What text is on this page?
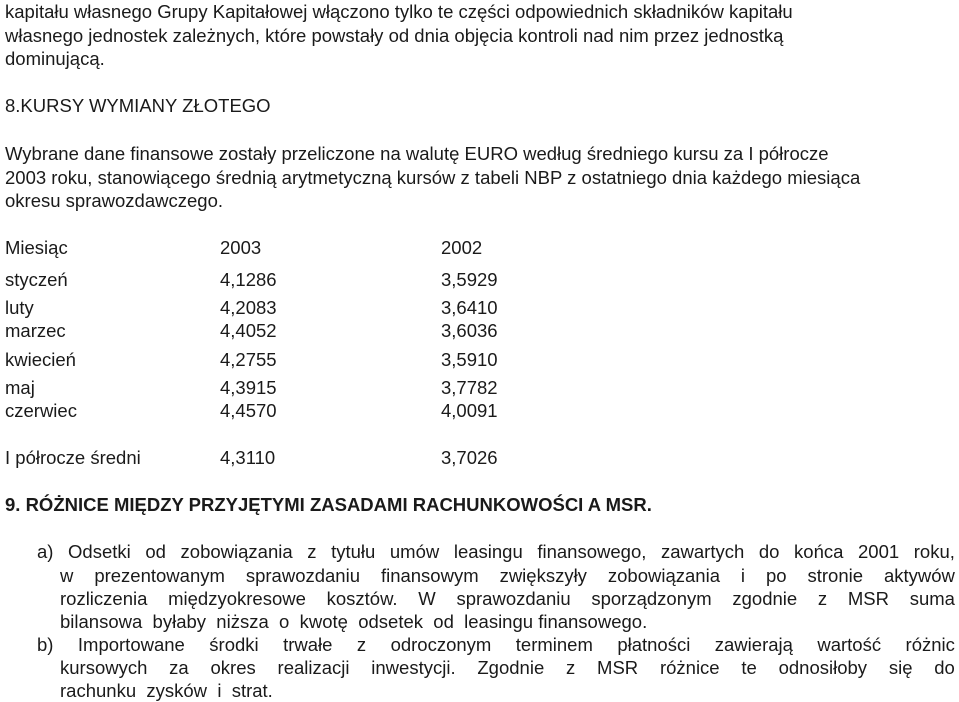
kapitału własnego Grupy Kapitałowej włączono tylko te części odpowiednich składników kapitału
własnego jednostek zależnych, które powstały od dnia objęcia kontroli nad nim przez jednostką
dominującą.
8.KURSY WYMIANY ZŁOTEGO
Wybrane dane finansowe zostały przeliczone na walutę EURO według średniego kursu za I półrocze
2003 roku, stanowiącego średnią arytmetyczną kursów z tabeli NBP z ostatniego dnia każdego miesiąca
okresu sprawozdawczego.
Miesiąc	2003	2002
styczeń	4,1286	3,5929
luty	4,2083	3,6410
marzec	4,4052	3,6036
kwiecień	4,2755	3,5910
maj	4,3915	3,7782
czerwiec	4,4570	4,0091
I półrocze średni	4,3110	3,7026
9. RÓŻNICE MIĘDZY PRZYJĘTYMI ZASADAMI RACHUNKOWOŚCI A MSR.
a) Odsetki od zobowiązania z tytułu umów leasingu finansowego, zawartych do końca 2001 roku,
w prezentowanym sprawozdaniu finansowym zwiększyły zobowiązania i po stronie aktywów
rozliczenia międzyokresowe kosztów. W sprawozdaniu sporządzonym zgodnie z MSR suma
bilansowa  byłaby  niższa  o  kwotę  odsetek  od  leasingu finansowego.
b) Importowane środki trwałe z odroczonym terminem płatności zawierają wartość różnic
kursowych za okres realizacji inwestycji. Zgodnie z MSR różnice te odnosiłoby się do
rachunku  zysków  i  strat.
